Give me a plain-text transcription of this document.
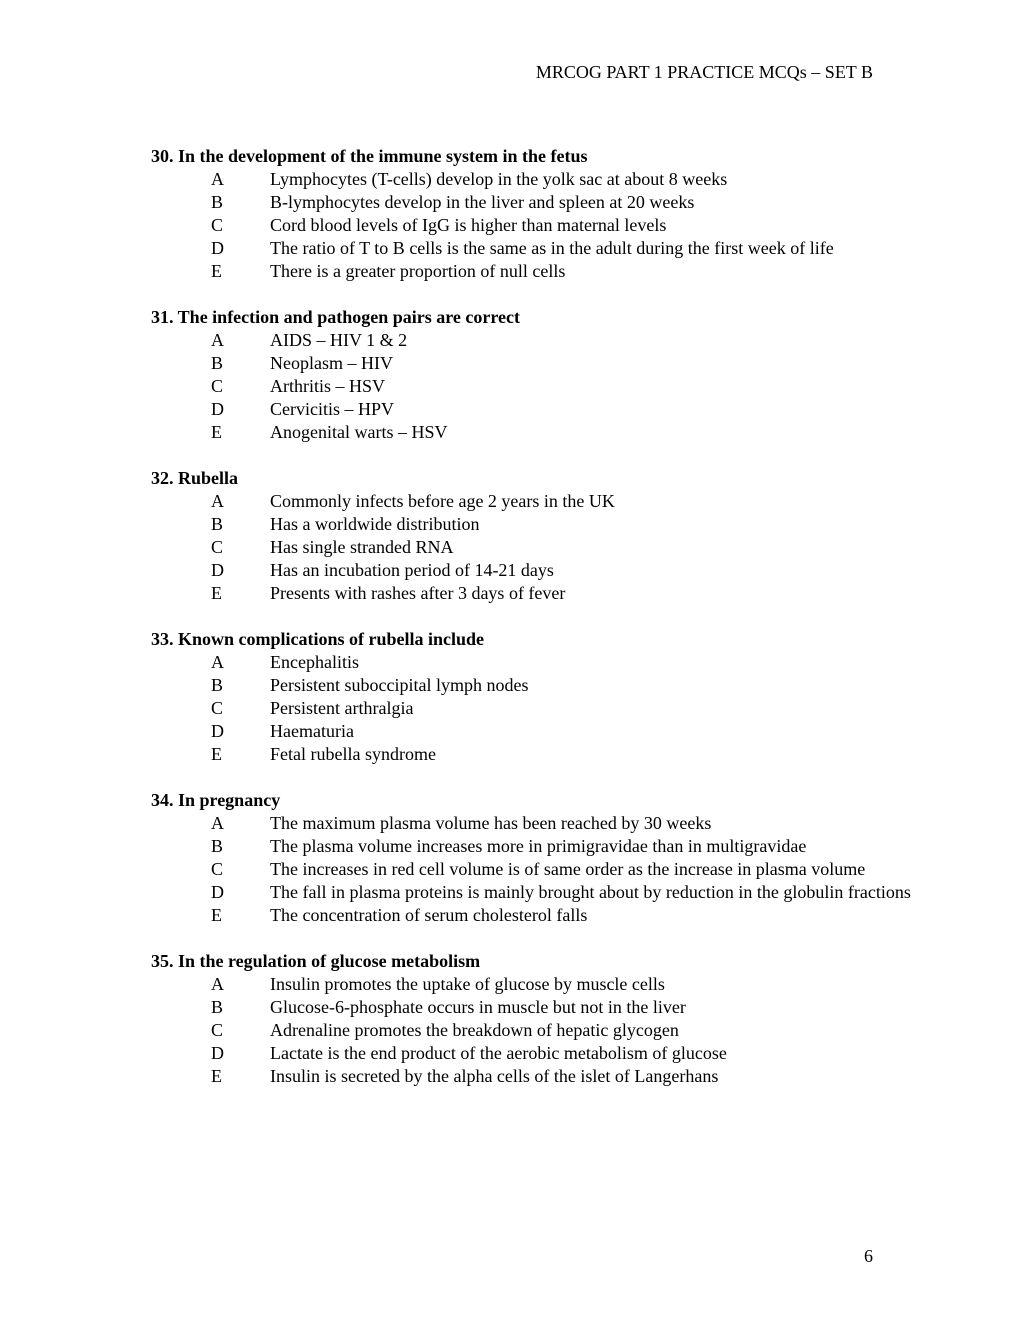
MRCOG PART 1 PRACTICE MCQs – SET B
30. In the development of the immune system in the fetus
A	Lymphocytes (T-cells) develop in the yolk sac at about 8 weeks
B	B-lymphocytes develop in the liver and spleen at 20 weeks
C	Cord blood levels of IgG is higher than maternal levels
D	The ratio of T to B cells is the same as in the adult during the first week of life
E	There is a greater proportion of null cells
31. The infection and pathogen pairs are correct
A	AIDS – HIV 1 & 2
B	Neoplasm – HIV
C	Arthritis – HSV
D	Cervicitis – HPV
E	Anogenital warts – HSV
32. Rubella
A	Commonly infects before age 2 years in the UK
B	Has a worldwide distribution
C	Has single stranded RNA
D	Has an incubation period of 14-21 days
E	Presents with rashes after 3 days of fever
33. Known complications of rubella include
A	Encephalitis
B	Persistent suboccipital lymph nodes
C	Persistent arthralgia
D	Haematuria
E	Fetal rubella syndrome
34. In pregnancy
A	The maximum plasma volume has been reached by 30 weeks
B	The plasma volume increases more in primigravidae than in multigravidae
C	The increases in red cell volume is of same order as the increase in plasma volume
D	The fall in plasma proteins is mainly brought about by reduction in the globulin fractions
E	The concentration of serum cholesterol falls
35. In the regulation of glucose metabolism
A	Insulin promotes the uptake of glucose by muscle cells
B	Glucose-6-phosphate occurs in muscle but not in the liver
C	Adrenaline promotes the breakdown of hepatic glycogen
D	Lactate is the end product of the aerobic metabolism of glucose
E	Insulin is secreted by the alpha cells of the islet of Langerhans
6
